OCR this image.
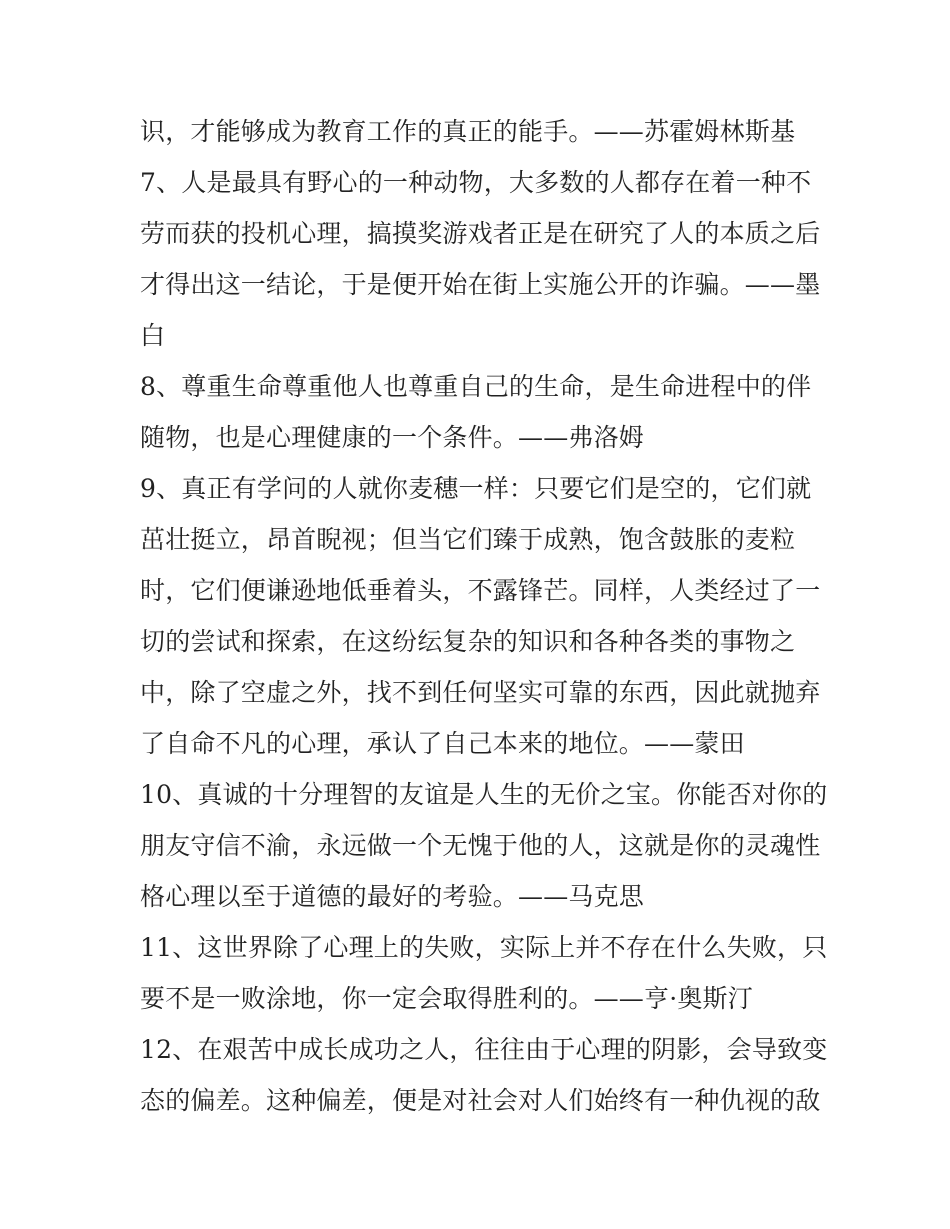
识，才能够成为教育工作的真正的能手。——苏霍姆林斯基
7、人是最具有野心的一种动物，大多数的人都存在着一种不
劳而获的投机心理，搞摸奖游戏者正是在研究了人的本质之后
才得出这一结论，于是便开始在街上实施公开的诈骗。——墨
白
8、尊重生命尊重他人也尊重自己的生命，是生命进程中的伴
随物，也是心理健康的一个条件。——弗洛姆
9、真正有学问的人就你麦穗一样：只要它们是空的，它们就
茁壮挺立，昂首睨视；但当它们臻于成熟，饱含鼓胀的麦粒
时，它们便谦逊地低垂着头，不露锋芒。同样，人类经过了一
切的尝试和探索，在这纷纭复杂的知识和各种各类的事物之
中，除了空虚之外，找不到任何坚实可靠的东西，因此就抛弃
了自命不凡的心理，承认了自己本来的地位。——蒙田
10、真诚的十分理智的友谊是人生的无价之宝。你能否对你的
朋友守信不渝，永远做一个无愧于他的人，这就是你的灵魂性
格心理以至于道德的最好的考验。——马克思
11、这世界除了心理上的失败，实际上并不存在什么失败，只
要不是一败涂地，你一定会取得胜利的。——亨·奥斯汀
12、在艰苦中成长成功之人，往往由于心理的阴影，会导致变
态的偏差。这种偏差，便是对社会对人们始终有一种仇视的敌
